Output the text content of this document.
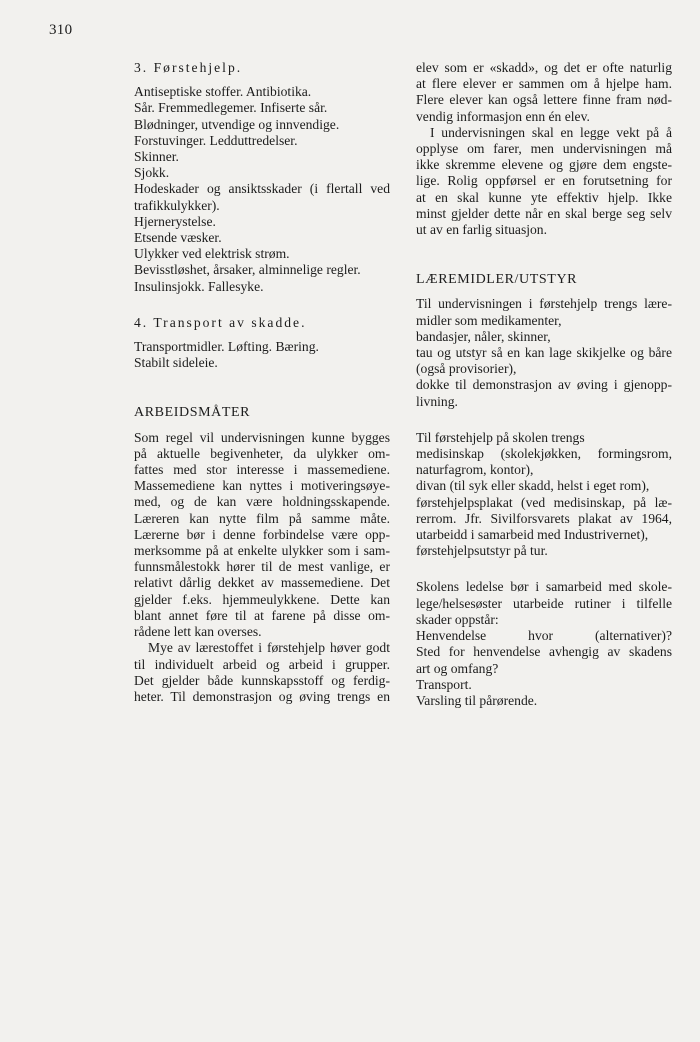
310
3. Førstehjelp.
Antiseptiske stoffer. Antibiotika.
Sår. Fremmedlegemer. Infiserte sår.
Blødninger, utvendige og innvendige.
Forstuvinger. Ledduttredelser.
Skinner.
Sjokk.
Hodeskader og ansiktsskader (i flertall ved
trafikkulykker).
Hjernerystelse.
Etsende væsker.
Ulykker ved elektrisk strøm.
Bevisstløshet, årsaker, alminnelige regler.
Insulinsjokk. Fallesyke.
4. Transport av skadde.
Transportmidler. Løfting. Bæring.
Stabilt sideleie.
ARBEIDSMÅTER
Som regel vil undervisningen kunne bygges
på aktuelle begivenheter, da ulykker om-
fattes med stor interesse i massemediene.
Massemediene kan nyttes i motiveringsøye-
med, og de kan være holdningsskapende.
Læreren kan nytte film på samme måte.
Lærerne bør i denne forbindelse være opp-
merksomme på at enkelte ulykker som i sam-
funnsmålestokk hører til de mest vanlige, er
relativt dårlig dekket av massemediene. Det
gjelder f.eks. hjemmeulykkene. Dette kan
blant annet føre til at farene på disse om-
rådene lett kan overses.
Mye av lærestoffet i førstehjelp høver godt
til individuelt arbeid og arbeid i grupper.
Det gjelder både kunnskapsstoff og ferdig-
heter. Til demonstrasjon og øving trengs en
elev som er «skadd», og det er ofte naturlig
at flere elever er sammen om å hjelpe ham.
Flere elever kan også lettere finne fram nød-
vendig informasjon enn én elev.
I undervisningen skal en legge vekt på å
opplyse om farer, men undervisningen må
ikke skremme elevene og gjøre dem engste-
lige. Rolig oppførsel er en forutsetning for
at en skal kunne yte effektiv hjelp. Ikke
minst gjelder dette når en skal berge seg selv
ut av en farlig situasjon.
LÆREMIDLER/UTSTYR
Til undervisningen i førstehjelp trengs lære-
midler som medikamenter,
bandasjer, nåler, skinner,
tau og utstyr så en kan lage skikjelke og båre
(også provisorier),
dokke til demonstrasjon av øving i gjenopp-
livning.
Til førstehjelp på skolen trengs
medisinskap (skolekjøkken, formingsrom,
naturfagrom, kontor),
divan (til syk eller skadd, helst i eget rom),
førstehjelpsplakat (ved medisinskap, på læ-
rerrom. Jfr. Sivilforsvarets plakat av 1964,
utarbeidd i samarbeid med Industrivernet),
førstehjelpsutstyr på tur.
Skolens ledelse bør i samarbeid med skole-
lege/helsesøster utarbeide rutiner i tilfelle
skader oppstår:
Henvendelse hvor (alternativer)?
Sted for henvendelse avhengig av skadens
art og omfang?
Transport.
Varsling til pårørende.
